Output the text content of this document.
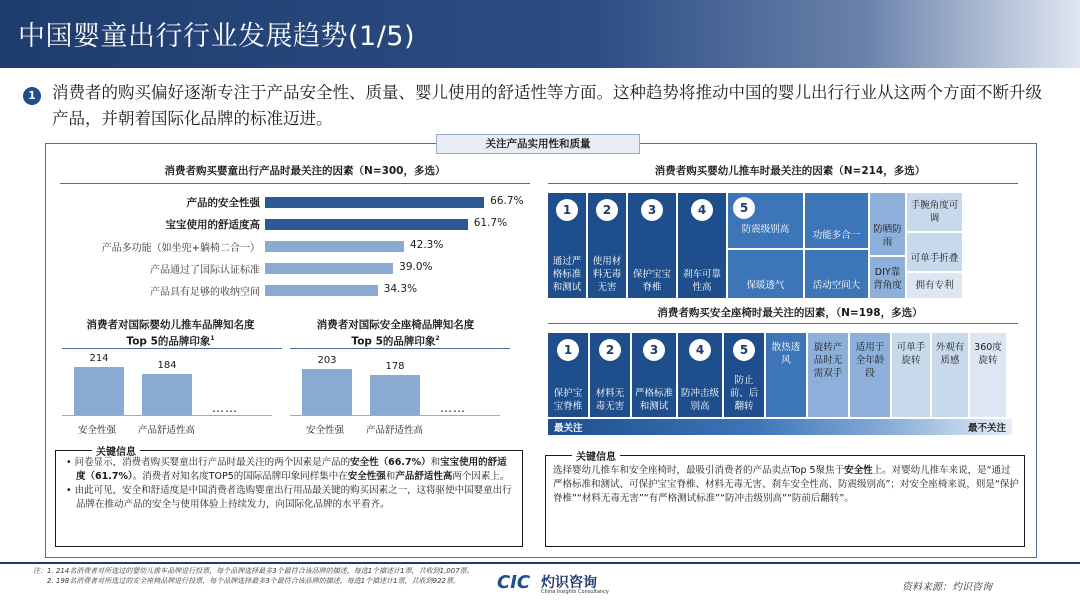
中国婴童出行行业发展趋势(1/5)
1 消费者的购买偏好逐渐专注于产品安全性、质量、婴儿使用的舒适性等方面。这种趋势将推动中国的婴儿出行行业从这两个方面不断升级产品，并朝着国际化品牌的标准迈进。
关注产品实用性和质量
消费者购买婴童出行产品时最关注的因素（N=300，多选）
产品的安全性强	66.7%
宝宝使用的舒适度高	61.7%
产品多功能（如坐兜+躺椅二合一）	42.3%
产品通过了国际认证标准	39.0%
产品具有足够的收纳空间	34.3%
消费者对国际婴幼儿推车品牌知名度
Top 5的品牌印象$^1$
214
安全性强
184
产品舒适性高
……
消费者对国际安全座椅品牌知名度
Top 5的品牌印象$^2$
203
安全性强
178
产品舒适性高
……
关键信息
• 问卷显示，消费者购买婴童出行产品时最关注的两个因素是产品的安全性（66.7%）和宝宝使用的舒适度（61.7%）。消费者对知名度TOP5的国际品牌印象同样集中在安全性强和产品舒适性高两个因素上。
• 由此可见，安全和舒适度是中国消费者选购婴童出行用品最关键的购买因素之一，这将驱使中国婴童出行品牌在推动产品的安全与使用体验上持续发力，向国际化品牌的水平看齐。
消费者购买婴幼儿推车时最关注的因素（N=214，多选）
1
通过严格标准和测试
2
使用材料无毒无害
3
保护宝宝脊椎
4
刹车可靠性高
5
防震级别高
保暖透气
功能多合一
活动空间大
防晒防雨
DIY靠背角度
手腕角度可调
可单手折叠
拥有专利
消费者购买安全座椅时最关注的因素，（N=198，多选）
1
保护宝宝脊椎
2
材料无毒无害
3
严格标准和测试
4
防冲击级别高
5
防止前、后翻转
散热透风
旋转产品时无需双手
适用于全年龄段
可单手旋转
外观有质感
360度旋转
最关注	最不关注
关键信息
选择婴幼儿推车和安全座椅时，最吸引消费者的产品卖点Top 5聚焦于安全性上。对婴幼儿推车来说，是“通过严格标准和测试、可保护宝宝脊椎、材料无毒无害、刹车安全性高、防震级别高”；对安全座椅来说，则是“保护脊椎”“材料无毒无害”“有严格测试标准”“防冲击级别高”“防前后翻转”。
注：1. 214名消费者对所选过的婴幼儿推车品牌进行投票，每个品牌选择最多3个最符合该品牌的描述，每选1个描述计1票，共收到1,007票。
2. 198名消费者对所选过的安全座椅品牌进行投票，每个品牌选择最多3个最符合该品牌的描述，每选1个描述计1票，共收到922票。	CIC 灼识咨询
China Insights Consultancy	资料来源：灼识咨询
